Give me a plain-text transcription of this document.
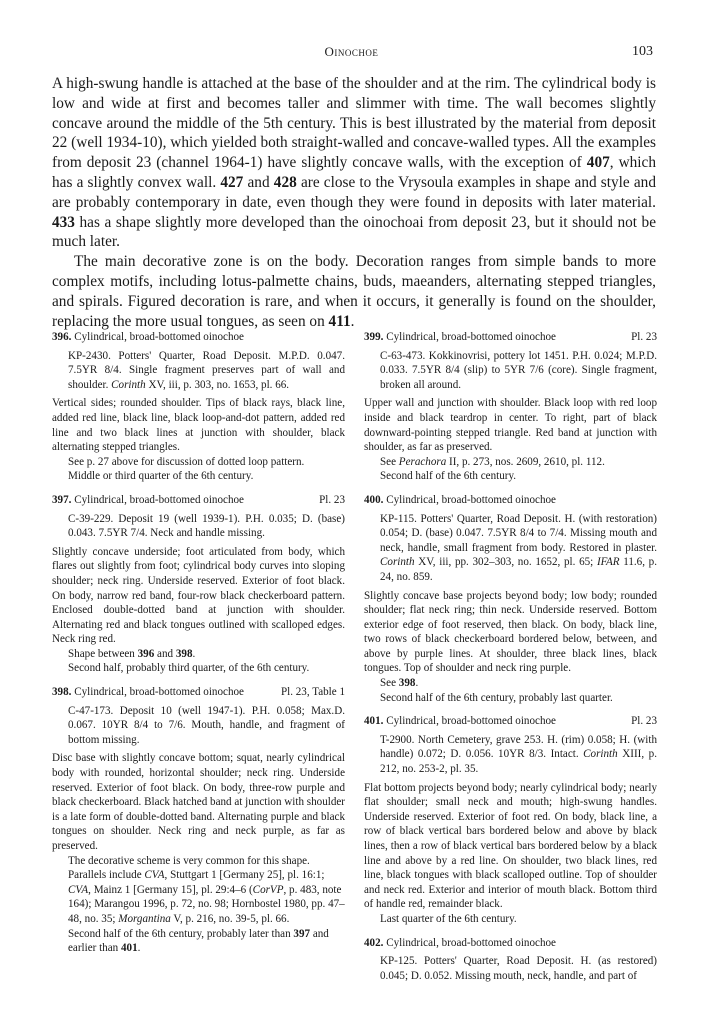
Oinochoe	103

A high-swung handle is attached at the base of the shoulder and at the rim. The cylindrical body is low and wide at first and becomes taller and slimmer with time. The wall becomes slightly concave around the middle of the 5th century. This is best illustrated by the material from deposit 22 (well 1934-10), which yielded both straight-walled and concave-walled types. All the examples from deposit 23 (channel 1964-1) have slightly concave walls, with the exception of 407, which has a slightly convex wall. 427 and 428 are close to the Vrysoula examples in shape and style and are probably contemporary in date, even though they were found in deposits with later material. 433 has a shape slightly more developed than the oinochoai from deposit 23, but it should not be much later.

The main decorative zone is on the body. Decoration ranges from simple bands to more complex motifs, including lotus-palmette chains, buds, maeanders, alternating stepped triangles, and spirals. Figured decoration is rare, and when it occurs, it generally is found on the shoulder, replacing the more usual tongues, as seen on 411.

396. Cylindrical, broad-bottomed oinochoe
KP-2430. Potters' Quarter, Road Deposit. M.P.D. 0.047. 7.5YR 8/4. Single fragment preserves part of wall and shoulder. Corinth XV, iii, p. 303, no. 1653, pl. 66.

Vertical sides; rounded shoulder. Tips of black rays, black line, added red line, black line, black loop-and-dot pattern, added red line and two black lines at junction with shoulder, black alternating stepped triangles.

See p. 27 above for discussion of dotted loop pattern.

Middle or third quarter of the 6th century.

397. Cylindrical, broad-bottomed oinochoe	Pl. 23
C-39-229. Deposit 19 (well 1939-1). P.H. 0.035; D. (base) 0.043. 7.5YR 7/4. Neck and handle missing.

Slightly concave underside; foot articulated from body, which flares out slightly from foot; cylindrical body curves into sloping shoulder; neck ring. Underside reserved. Exterior of foot black. On body, narrow red band, four-row black checkerboard pattern. Enclosed double-dotted band at junction with shoulder. Alternating red and black tongues outlined with scalloped edges. Neck ring red.

Shape between 396 and 398.

Second half, probably third quarter, of the 6th century.

398. Cylindrical, broad-bottomed oinochoe	Pl. 23, Table 1
C-47-173. Deposit 10 (well 1947-1). P.H. 0.058; Max.D. 0.067. 10YR 8/4 to 7/6. Mouth, handle, and fragment of bottom missing.

Disc base with slightly concave bottom; squat, nearly cylindrical body with rounded, horizontal shoulder; neck ring. Underside reserved. Exterior of foot black. On body, three-row purple and black checkerboard. Black hatched band at junction with shoulder is a late form of double-dotted band. Alternating purple and black tongues on shoulder. Neck ring and neck purple, as far as preserved.

The decorative scheme is very common for this shape. Parallels include CVA, Stuttgart 1 [Germany 25], pl. 16:1; CVA, Mainz 1 [Germany 15], pl. 29:4–6 (CorVP, p. 483, note 164); Marangou 1996, p. 72, no. 98; Hornbostel 1980, pp. 47–48, no. 35; Morgantina V, p. 216, no. 39-5, pl. 66.

Second half of the 6th century, probably later than 397 and earlier than 401.

399. Cylindrical, broad-bottomed oinochoe	Pl. 23
C-63-473. Kokkinovrisi, pottery lot 1451. P.H. 0.024; M.P.D. 0.033. 7.5YR 8/4 (slip) to 5YR 7/6 (core). Single fragment, broken all around.

Upper wall and junction with shoulder. Black loop with red loop inside and black teardrop in center. To right, part of black downward-pointing stepped triangle. Red band at junction with shoulder, as far as preserved.

See Perachora II, p. 273, nos. 2609, 2610, pl. 112.

Second half of the 6th century.

400. Cylindrical, broad-bottomed oinochoe
KP-115. Potters' Quarter, Road Deposit. H. (with restoration) 0.054; D. (base) 0.047. 7.5YR 8/4 to 7/4. Missing mouth and neck, handle, small fragment from body. Restored in plaster. Corinth XV, iii, pp. 302–303, no. 1652, pl. 65; IFAR 11.6, p. 24, no. 859.

Slightly concave base projects beyond body; low body; rounded shoulder; flat neck ring; thin neck. Underside reserved. Bottom exterior edge of foot reserved, then black. On body, black line, two rows of black checkerboard bordered below, between, and above by purple lines. At shoulder, three black lines, black tongues. Top of shoulder and neck ring purple.

See 398.

Second half of the 6th century, probably last quarter.

401. Cylindrical, broad-bottomed oinochoe	Pl. 23
T-2900. North Cemetery, grave 253. H. (rim) 0.058; H. (with handle) 0.072; D. 0.056. 10YR 8/3. Intact. Corinth XIII, p. 212, no. 253-2, pl. 35.

Flat bottom projects beyond body; nearly cylindrical body; nearly flat shoulder; small neck and mouth; high-swung handles. Underside reserved. Exterior of foot red. On body, black line, a row of black vertical bars bordered below and above by black lines, then a row of black vertical bars bordered below by a black line and above by a red line. On shoulder, two black lines, red line, black tongues with black scalloped outline. Top of shoulder and neck red. Exterior and interior of mouth black. Bottom third of handle red, remainder black.

Last quarter of the 6th century.

402. Cylindrical, broad-bottomed oinochoe
KP-125. Potters' Quarter, Road Deposit. H. (as restored) 0.045; D. 0.052. Missing mouth, neck, handle, and part of
